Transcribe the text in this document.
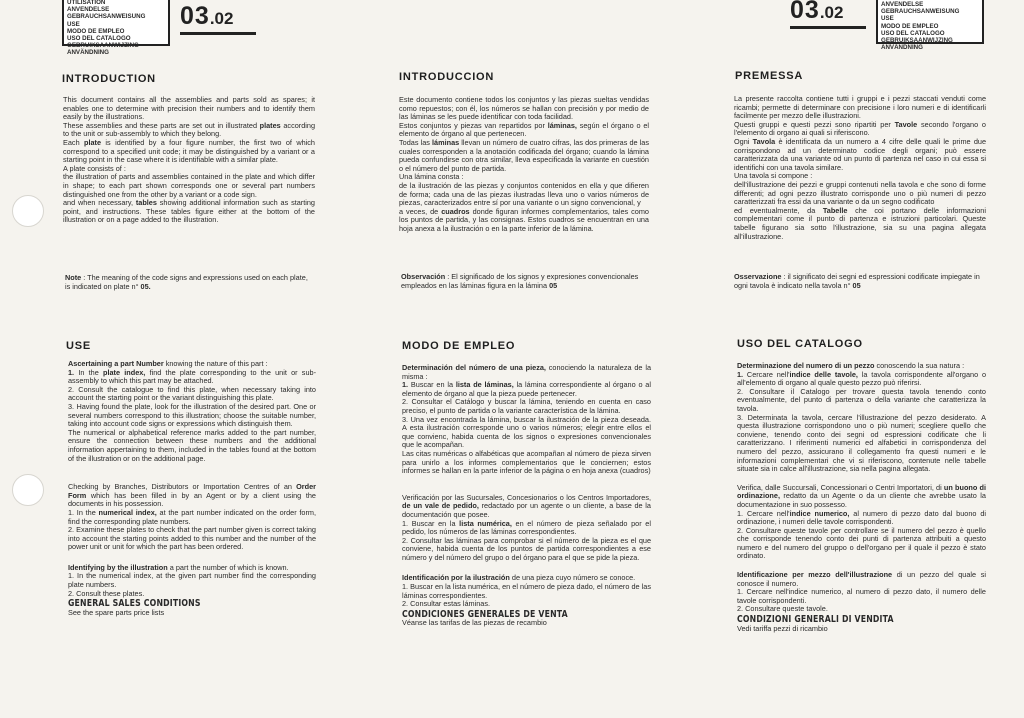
UTILISATION
ANVENDELSE
GEBRAUCHSANWEISUNG
USE
MODO DE EMPLEO
USO DEL CATALOGO
GEBRUIKSAANWIJZING
ANVÄNDNING
03.02	03.02	ANVENDELSE
GEBRAUCHSANWEISUNG
USE
MODO DE EMPLEO
USO DEL CATALOGO
GEBRUIKSAANWIJZING
ANVÄNDNING
INTRODUCTION

This document contains all the assemblies and parts sold as spares; it enables one to determine with precision their numbers and to identify them easily by the illustrations.

These assemblies and these parts are set out in illustrated plates according to the unit or sub-assembly to which they belong.

Each plate is identified by a four figure number, the first two of which correspond to a specified unit code; it may be distinguished by a variant or a starting point in the case where it is identifiable with a similar plate.

A plate consists of :

the illustration of parts and assemblies contained in the plate and which differ in shape; to each part shown corresponds one or several part numbers distinguished one from the other by a variant or a code sign.

and when necessary, tables showing additional information such as starting point, and instructions. These tables figure either at the bottom of the illustration or on a page added to the illustration.

Note : The meaning of the code signs and expressions used on each plate, is indicated on plate n° 05.
INTRODUCCION

Este documento contiene todos los conjuntos y las piezas sueltas vendidas como repuestos; con él, los números se hallan con precisión y por medio de las láminas se les puede identificar con toda facilidad.

Estos conjuntos y piezas van repartidos por láminas, según el órgano o el elemento de órgano al que pertenecen.

Todas las láminas llevan un número de cuatro cifras, las dos primeras de las cuales corresponden a la anotación codificada del órgano; cuando la lámina pueda confundirse con otra similar, lleva especificada la variante en cuestión o el número del punto de partida.

Una lámina consta :

de la ilustración de las piezas y conjuntos contenidos en ella y que difieren de forma; cada una de las piezas ilustradas lleva uno o varios números de piezas, caracterizados entre sí por una variante o un signo convencional, y

a veces, de cuadros donde figuran informes complementarios, tales como los puntos de partida, y las consignas. Estos cuadros se encuentran en una hoja anexa a la ilustración o en la parte inferior de la lámina.

Observación : El significado de los signos y expresiones convencionales empleados en las láminas figura en la lámina 05
PREMESSA

La presente raccolta contiene tutti i gruppi e i pezzi staccati venduti come ricambi; permette di determinare con precisione i loro numeri e di identificarli facilmente per mezzo delle illustrazioni.

Questi gruppi e questi pezzi sono ripartiti per Tavole secondo l'organo o l'elemento di organo ai quali si riferiscono.

Ogni Tavola è identificata da un numero a 4 cifre delle quali le prime due corrispondono ad un determinato codice degli organi; può essere caratterizzata da una variante od un punto di partenza nel caso in cui essa si identifichi con una tavola similare.

Una tavola si compone :

dell'illustrazione dei pezzi e gruppi contenuti nella tavola e che sono di forme differenti; ad ogni pezzo illustrato corrisponde uno o più numeri di pezzo caratterizzati fra essi da una variante o da un segno codificato

ed eventualmente, da Tabelle che coi portano delle informazioni complementari come il punto di partenza e istruzioni particolari. Queste tabelle figurano sia sotto l'illustrazione, sia su una pagina allegata all'illustrazione.

Osservazione : il significato dei segni ed espressioni codificate impiegate in ogni tavola è indicato nella tavola n° 05
USE

Ascertaining a part Number knowing the nature of this part :

1. In the plate index, find the plate corresponding to the unit or sub-assembly to which this part may be attached.

2. Consult the catalogue to find this plate, when necessary taking into account the starting point or the variant distinguishing this plate.

3. Having found the plate, look for the illustration of the desired part. One or several numbers correspond to this illustration; choose the suitable number, taking into account code signs or expressions which distinguish them.

The numerical or alphabetical reference marks added to the part number, ensure the connection between these numbers and the additional information appertaining to them, included in the tables found at the bottom of the illustration or on the additional page.

Checking by Branches, Distributors or Importation Centres of an Order Form which has been filled in by an Agent or by a client using the documents in his possession.

1. In the numerical index, at the part number indicated on the order form, find the corresponding plate numbers.

2. Examine these plates to check that the part number given is correct taking into account the starting points added to this number and the number of the power unit or unit for which the part has been ordered.

Identifying by the illustration a part the number of which is known.

1. In the numerical index, at the given part number find the corresponding plate numbers.

2. Consult these plates.

GENERAL SALES CONDITIONS

See the spare parts price lists

MODO DE EMPLEO

Determinación del número de una pieza, conociendo la naturaleza de la misma :

1. Buscar en la lista de láminas, la lámina correspondiente al órgano o al elemento de órgano al que la pieza puede pertenecer.

2. Consultar el Catálogo y buscar la lámina, teniendo en cuenta en caso preciso, el punto de partida o la variante característica de la lámina.

3. Una vez encontrada la lámina, buscar la ilustración de la pieza deseada. A esta ilustración corresponde uno o varios números; elegir entre ellos el que convienc, habida cuenta de los signos o expresiones convencionales que le acompañan.

Las citas numéricas o alfabéticas que acompañan al número de pieza sirven para unirlo a los informes complementarios que le conciernen; estos informes se hallan en la parte inferior de la página o en hoja anexa (cuadros)

Verificación por las Sucursales, Concesionarios o los Centros Importadores, de un vale de pedido, redactado por un agente o un cliente, a base de la documentación que posee.

1. Buscar en la lista numérica, en el número de pieza señalado por el pedido, los números de las láminas correspondientes.

2. Consultar las láminas para comprobar si el número de la pieza es el que conviene, habida cuenta de los puntos de partida correspondientes a ese número y del número del grupo o del órgano para el que se pide la pieza.

Identificación por la ilustración de una pieza cuyo número se conoce.

1. Buscar en la lista numérica, en el número de pieza dado, el número de las láminas correspondientes.

2. Consultar estas láminas.

CONDICIONES GENERALES DE VENTA

Véanse las tarifas de las piezas de recambio

USO DEL CATALOGO

Determinazione del numero di un pezzo conoscendo la sua natura :

1. Cercare nell'indice delle tavole, la tavola corrispondente all'organo o all'elemento di organo al quale questo pezzo può riferirsi.

2. Consultare il Catalogo per trovare questa tavola tenendo conto eventualmente, del punto di partenza o della variante che caratterizza la tavola.

3. Determinata la tavola, cercare l'illustrazione del pezzo desiderato. A questa illustrazione corrispondono uno o più numeri; scegliere quello che conviene, tenendo conto dei segni od espressioni codificate che li caratterizzano. I riferimenti numerici ed alfabetici in corrispondenza del numero del pezzo, assicurano il collegamento fra questi numeri e le informazioni complementari che vi si riferiscono, contenute nelle tabelle situate sia in calce all'illustrazione, sia nella pagina allegata.

Verifica, dalle Succursali, Concessionari o Centri Importatori, di un buono di ordinazione, redatto da un Agente o da un cliente che avrebbe usato la documentazione in suo possesso.

1. Cercare nell'indice numerico, al numero di pezzo dato dal buono di ordinazione, i numeri delle tavole corrispondenti.

2. Consultare queste tavole per controllare se il numero del pezzo è quello che corrisponde tenendo conto dei punti di partenza attribuiti a questo numero e del numero del gruppo o dell'organo per il quale il pezzo è stato ordinato.

Identificazione per mezzo dell'illustrazione di un pezzo del quale si conosce il numero.

1. Cercare nell'indice numerico, al numero di pezzo dato, il numero delle tavole corrispondenti.

2. Consultare queste tavole.

CONDIZIONI GENERALI DI VENDITA

Vedi tariffa pezzi di ricambio
